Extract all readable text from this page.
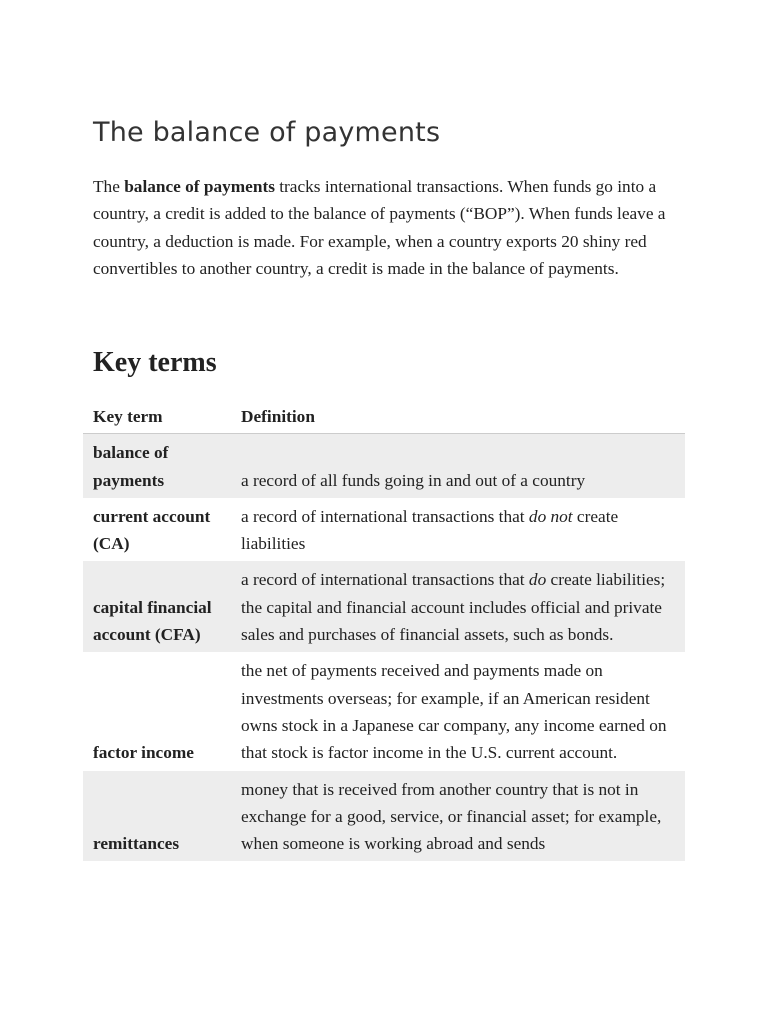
The balance of payments

The balance of payments tracks international transactions. When funds go into a country, a credit is added to the balance of payments (“BOP”). When funds leave a country, a deduction is made. For example, when a country exports 20 shiny red convertibles to another country, a credit is made in the balance of payments.

Key terms
Key term	Definition
balance of payments	a record of all funds going in and out of a country
current account (CA)	a record of international transactions that do not create liabilities
capital financial account (CFA)	a record of international transactions that do create liabilities; the capital and financial account includes official and private sales and purchases of financial assets, such as bonds.
factor income	the net of payments received and payments made on investments overseas; for example, if an American resident owns stock in a Japanese car company, any income earned on that stock is factor income in the U.S. current account.
remittances	money that is received from another country that is not in exchange for a good, service, or financial asset; for example, when someone is working abroad and sends
